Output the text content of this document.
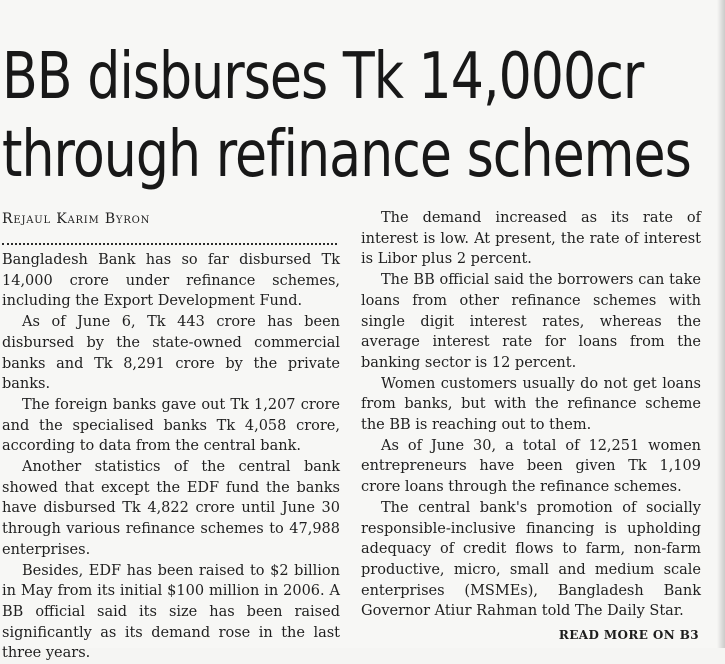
BB disburses Tk 14,000cr
through refinance schemes
Rejaul Karim Byron

Bangladesh Bank has so far disbursed Tk 14,000 crore under refinance schemes, including the Export Development Fund.

As of June 6, Tk 443 crore has been disbursed by the state-owned commercial banks and Tk 8,291 crore by the private banks.

The foreign banks gave out Tk 1,207 crore and the specialised banks Tk 4,058 crore, according to data from the central bank.

Another statistics of the central bank showed that except the EDF fund the banks have disbursed Tk 4,822 crore until June 30 through various refinance schemes to 47,988 enterprises.

Besides, EDF has been raised to $2 billion in May from its initial $100 million in 2006. A BB official said its size has been raised significantly as its demand rose in the last three years.

The demand increased as its rate of interest is low. At present, the rate of interest is Libor plus 2 percent.

The BB official said the borrowers can take loans from other refinance schemes with single digit interest rates, whereas the average interest rate for loans from the banking sector is 12 percent.

Women customers usually do not get loans from banks, but with the refinance scheme the BB is reaching out to them.

As of June 30, a total of 12,251 women entrepreneurs have been given Tk 1,109 crore loans through the refinance schemes.

The central bank's promotion of socially responsible-inclusive financing is upholding adequacy of credit flows to farm, non-farm productive, micro, small and medium scale enterprises (MSMEs), Bangladesh Bank Governor Atiur Rahman told The Daily Star.

READ MORE ON B3
